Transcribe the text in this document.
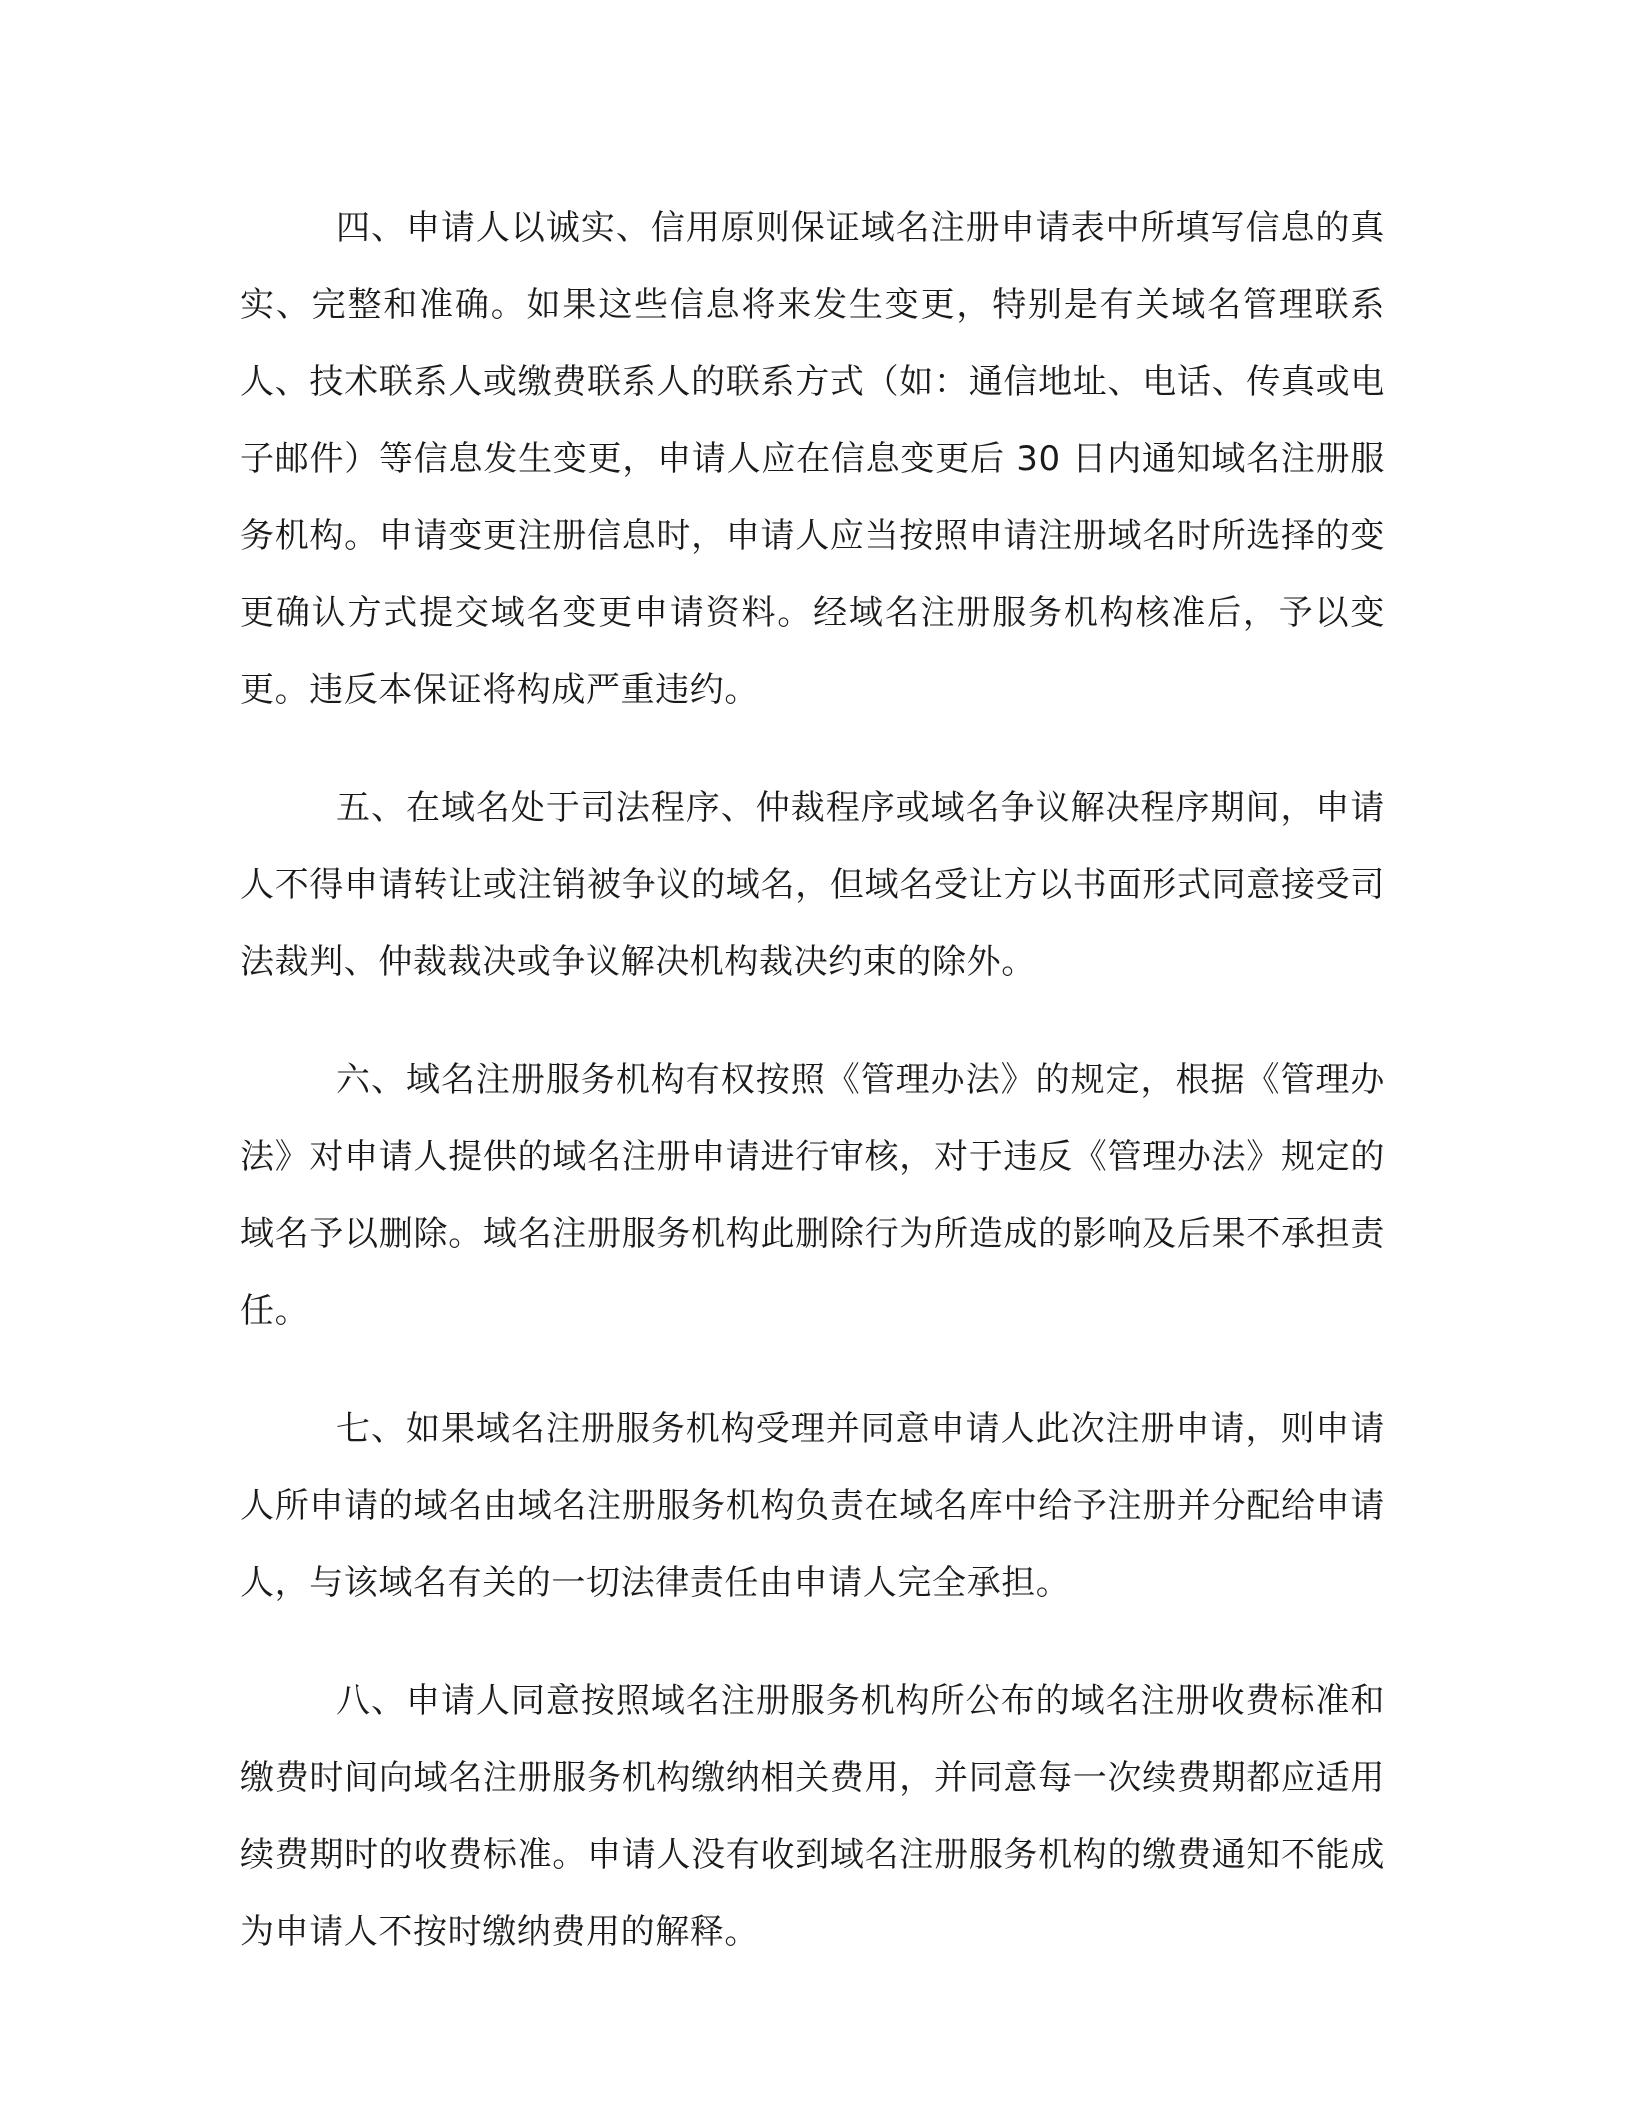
四、申请人以诚实、信用原则保证域名注册申请表中所填写信息的真实、完整和准确。如果这些信息将来发生变更，特别是有关域名管理联系人、技术联系人或缴费联系人的联系方式（如：通信地址、电话、传真或电子邮件）等信息发生变更，申请人应在信息变更后 30 日内通知域名注册服务机构。申请变更注册信息时，申请人应当按照申请注册域名时所选择的变更确认方式提交域名变更申请资料。经域名注册服务机构核准后，予以变更。违反本保证将构成严重违约。

五、在域名处于司法程序、仲裁程序或域名争议解决程序期间，申请人不得申请转让或注销被争议的域名，但域名受让方以书面形式同意接受司法裁判、仲裁裁决或争议解决机构裁决约束的除外。

六、域名注册服务机构有权按照《管理办法》的规定，根据《管理办法》对申请人提供的域名注册申请进行审核，对于违反《管理办法》规定的域名予以删除。域名注册服务机构此删除行为所造成的影响及后果不承担责任。

七、如果域名注册服务机构受理并同意申请人此次注册申请，则申请人所申请的域名由域名注册服务机构负责在域名库中给予注册并分配给申请人，与该域名有关的一切法律责任由申请人完全承担。

八、申请人同意按照域名注册服务机构所公布的域名注册收费标准和缴费时间向域名注册服务机构缴纳相关费用，并同意每一次续费期都应适用续费期时的收费标准。申请人没有收到域名注册服务机构的缴费通知不能成为申请人不按时缴纳费用的解释。
